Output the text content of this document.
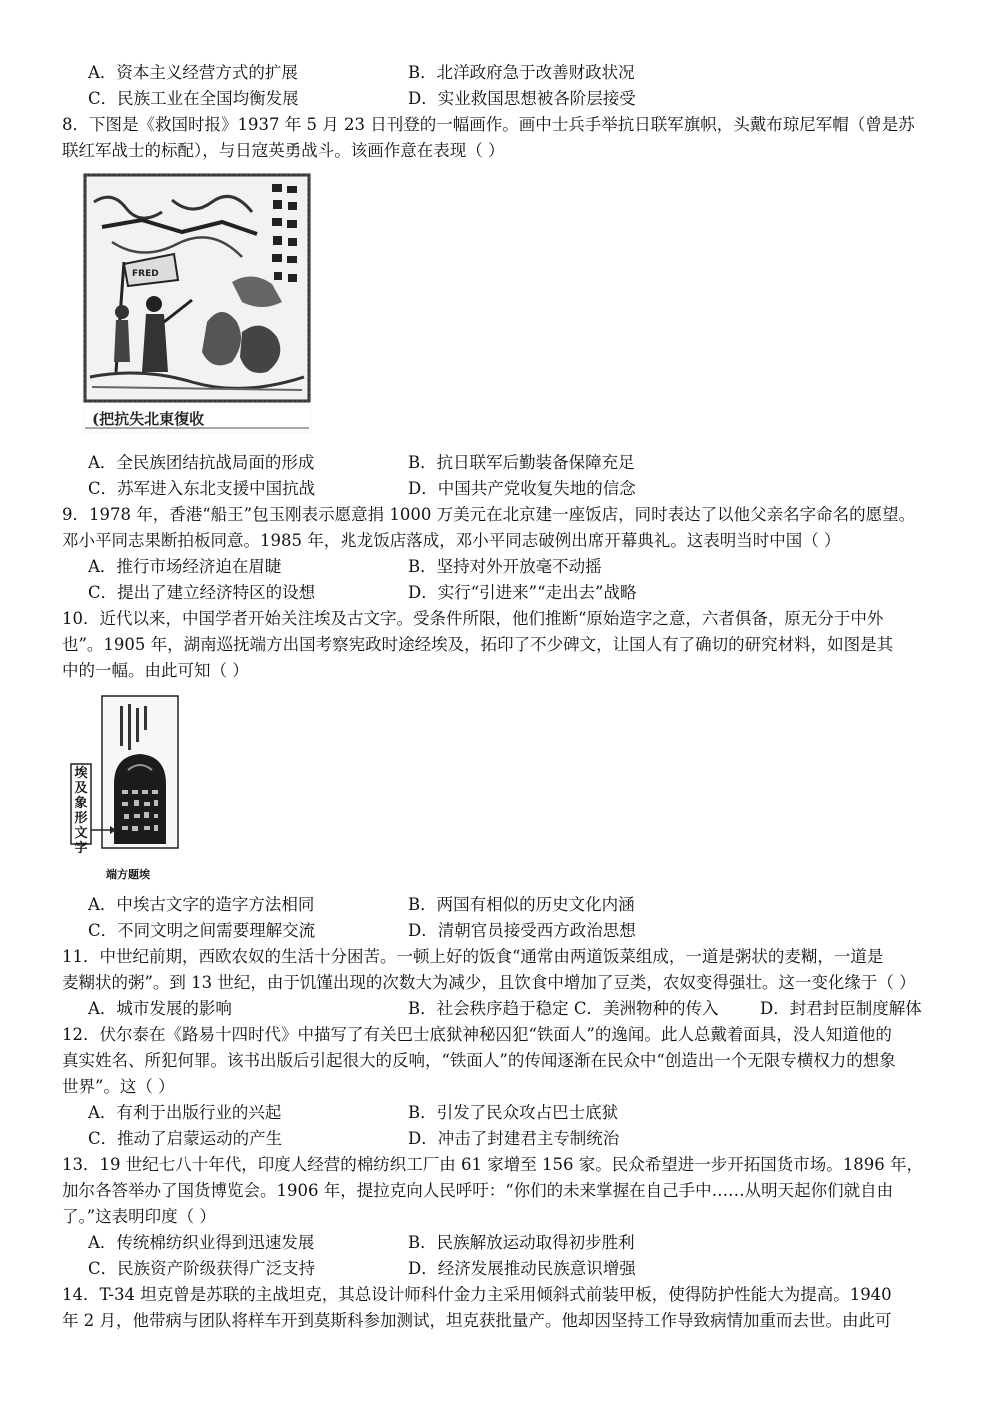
A．资本主义经营方式的扩展	B．北洋政府急于改善财政状况
C．民族工业在全国均衡发展	D．实业救国思想被各阶层接受
8．下图是《救国时报》1937 年 5 月 23 日刊登的一幅画作。画中士兵手举抗日联军旗帜，头戴布琼尼军帽（曾是苏
联红军战士的标配），与日寇英勇战斗。该画作意在表现（ ）
FRED
(把抗失北東復收
A．全民族团结抗战局面的形成	B．抗日联军后勤装备保障充足
C．苏军进入东北支援中国抗战	D．中国共产党收复失地的信念
9．1978 年，香港“船王”包玉刚表示愿意捐 1000 万美元在北京建一座饭店，同时表达了以他父亲名字命名的愿望。
邓小平同志果断拍板同意。1985 年，兆龙饭店落成，邓小平同志破例出席开幕典礼。这表明当时中国（ ）
A．推行市场经济迫在眉睫	B．坚持对外开放毫不动摇
C．提出了建立经济特区的设想	D．实行“引进来”“走出去”战略
10．近代以来，中国学者开始关注埃及古文字。受条件所限，他们推断“原始造字之意，六者俱备，原无分于中外
也”。1905 年，湖南巡抚端方出国考察宪政时途经埃及，拓印了不少碑文，让国人有了确切的研究材料，如图是其
中的一幅。由此可知（ ）
埃及象形文字
端方题埃
A．中埃古文字的造字方法相同	B．两国有相似的历史文化内涵
C．不同文明之间需要理解交流	D．清朝官员接受西方政治思想
11．中世纪前期，西欧农奴的生活十分困苦。一顿上好的饭食“通常由两道饭菜组成，一道是粥状的麦糊，一道是
麦糊状的粥”。到 13 世纪，由于饥馑出现的次数大为减少，且饮食中增加了豆类，农奴变得强壮。这一变化缘于（ ）
A．城市发展的影响	B．社会秩序趋于稳定 C．美洲物种的传入	D．封君封臣制度解体
12．伏尔泰在《路易十四时代》中描写了有关巴士底狱神秘囚犯“铁面人”的逸闻。此人总戴着面具，没人知道他的
真实姓名、所犯何罪。该书出版后引起很大的反响，“铁面人”的传闻逐渐在民众中“创造出一个无限专横权力的想象
世界”。这（ ）
A．有利于出版行业的兴起	B．引发了民众攻占巴士底狱
C．推动了启蒙运动的产生	D．冲击了封建君主专制统治
13．19 世纪七八十年代，印度人经营的棉纺织工厂由 61 家增至 156 家。民众希望进一步开拓国货市场。1896 年，
加尔各答举办了国货博览会。1906 年，提拉克向人民呼吁：“你们的未来掌握在自己手中……从明天起你们就自由
了。”这表明印度（ ）
A．传统棉纺织业得到迅速发展	B．民族解放运动取得初步胜利
C．民族资产阶级获得广泛支持	D．经济发展推动民族意识增强
14．T-34 坦克曾是苏联的主战坦克，其总设计师科什金力主采用倾斜式前装甲板，使得防护性能大为提高。1940
年 2 月，他带病与团队将样车开到莫斯科参加测试，坦克获批量产。他却因坚持工作导致病情加重而去世。由此可
